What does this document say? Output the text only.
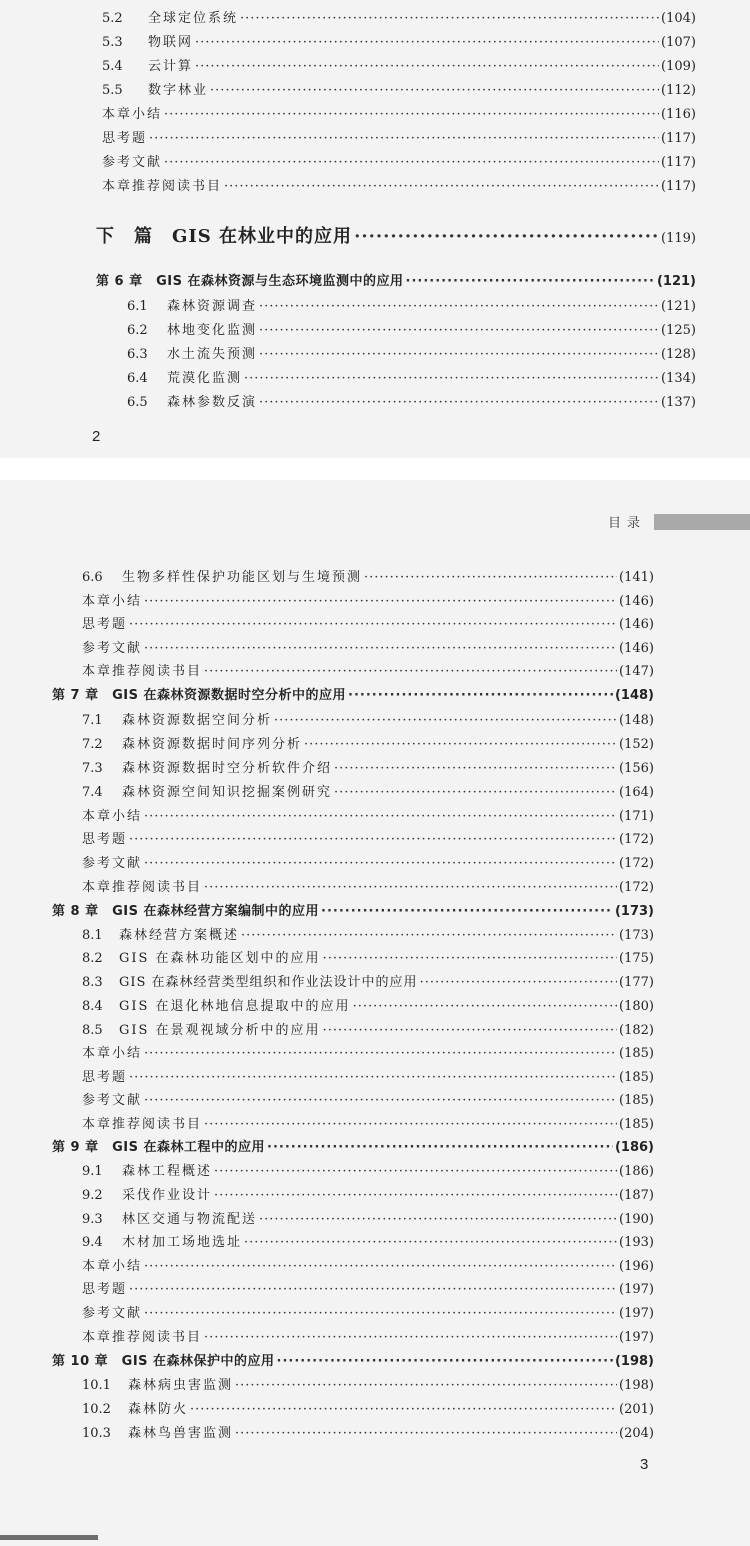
5.2	全球定位系统 ·····	(104)
5.3	物联网 ·····	(107)
5.4	云计算 ·····	(109)
5.5	数字林业 ·····	(112)
本章小结 ·····	(116)
思考题 ·····	(117)
参考文献 ·····	(117)
本章推荐阅读书目 ·····	(117)
下　篇　GIS 在林业中的应用 ·····	(119)
第 6 章　GIS 在森林资源与生态环境监测中的应用 ·····	(121)
6.1	森林资源调查 ·····	(121)
6.2	林地变化监测 ·····	(125)
6.3	水土流失预测 ·····	(128)
6.4	荒漠化监测 ·····	(134)
6.5	森林参数反演 ·····	(137)
2
目录
6.6	生物多样性保护功能区划与生境预测 ·····	(141)
本章小结 ·····	(146)
思考题 ·····	(146)
参考文献 ·····	(146)
本章推荐阅读书目 ·····	(147)
第 7 章　GIS 在森林资源数据时空分析中的应用 ·····	(148)
7.1	森林资源数据空间分析 ·····	(148)
7.2	森林资源数据时间序列分析 ·····	(152)
7.3	森林资源数据时空分析软件介绍 ·····	(156)
7.4	森林资源空间知识挖掘案例研究 ·····	(164)
本章小结 ·····	(171)
思考题 ·····	(172)
参考文献 ·····	(172)
本章推荐阅读书目 ·····	(172)
第 8 章　GIS 在森林经营方案编制中的应用 ·····	(173)
8.1	森林经营方案概述 ·····	(173)
8.2	GIS 在森林功能区划中的应用 ·····	(175)
8.3	GIS 在森林经营类型组织和作业法设计中的应用 ·····	(177)
8.4	GIS 在退化林地信息提取中的应用 ·····	(180)
8.5	GIS 在景观视域分析中的应用 ·····	(182)
本章小结 ·····	(185)
思考题 ·····	(185)
参考文献 ·····	(185)
本章推荐阅读书目 ·····	(185)
第 9 章　GIS 在森林工程中的应用 ·····	(186)
9.1	森林工程概述 ·····	(186)
9.2	采伐作业设计 ·····	(187)
9.3	林区交通与物流配送 ·····	(190)
9.4	木材加工场地选址 ·····	(193)
本章小结 ·····	(196)
思考题 ·····	(197)
参考文献 ·····	(197)
本章推荐阅读书目 ·····	(197)
第 10 章　GIS 在森林保护中的应用 ·····	(198)
10.1	森林病虫害监测 ·····	(198)
10.2	森林防火 ·····	(201)
10.3	森林鸟兽害监测 ·····	(204)
3
